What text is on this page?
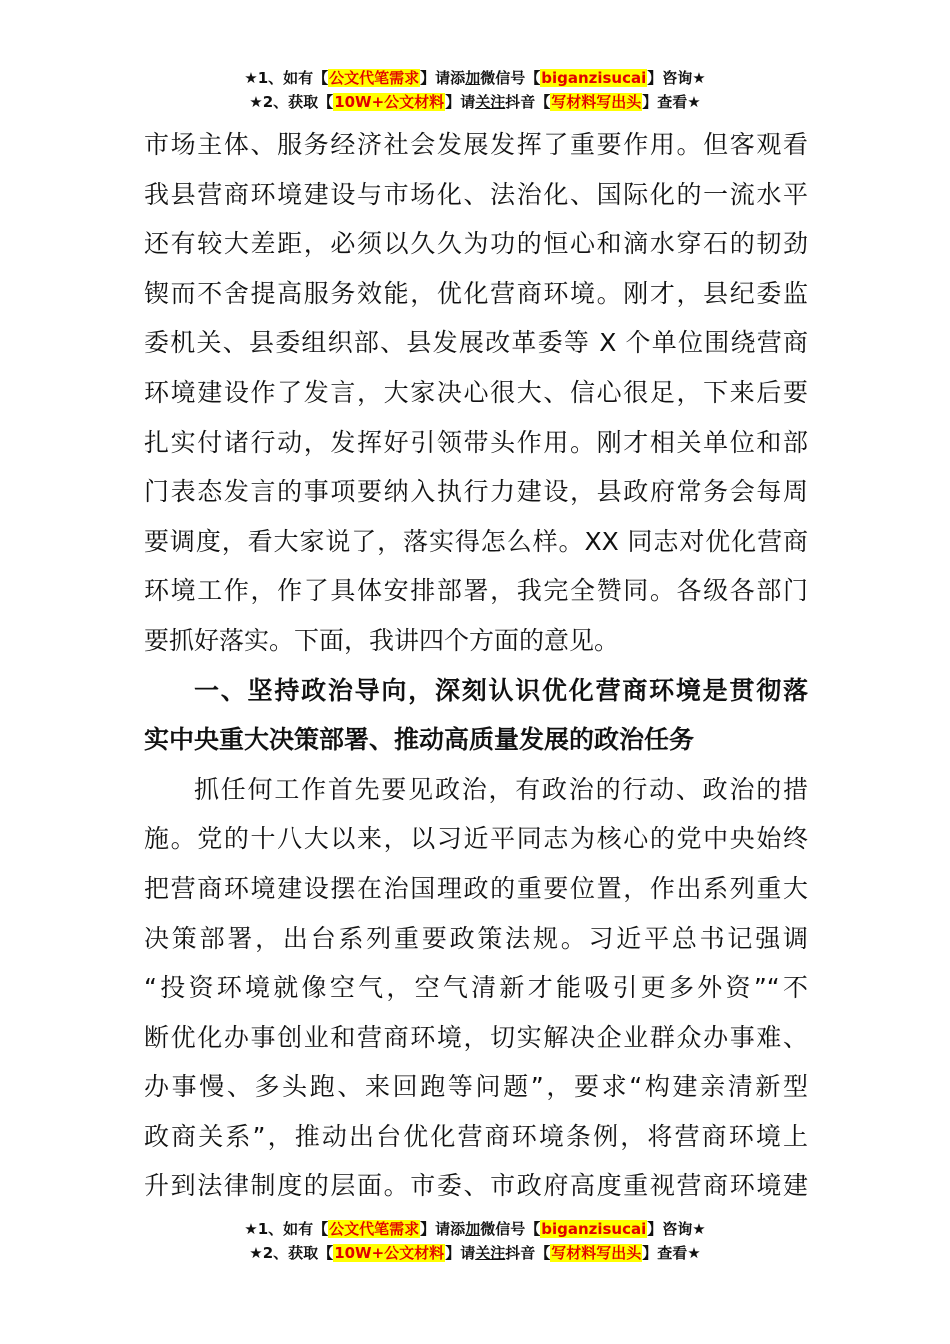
★1、如有【公文代笔需求】请添加微信号【biganzisucai】咨询★
★2、获取【10W+公文材料】请关注抖音【写材料写出头】查看★
市场主体、服务经济社会发展发挥了重要作用。但客观看
我县营商环境建设与市场化、法治化、国际化的一流水平
还有较大差距，必须以久久为功的恒心和滴水穿石的韧劲
锲而不舍提高服务效能，优化营商环境。刚才，县纪委监
委机关、县委组织部、县发展改革委等 X 个单位围绕营商
环境建设作了发言，大家决心很大、信心很足，下来后要
扎实付诸行动，发挥好引领带头作用。刚才相关单位和部
门表态发言的事项要纳入执行力建设，县政府常务会每周
要调度，看大家说了，落实得怎么样。XX 同志对优化营商
环境工作，作了具体安排部署，我完全赞同。各级各部门
要抓好落实。下面，我讲四个方面的意见。
一、坚持政治导向，深刻认识优化营商环境是贯彻落
实中央重大决策部署、推动高质量发展的政治任务
抓任何工作首先要见政治，有政治的行动、政治的措
施。党的十八大以来，以习近平同志为核心的党中央始终
把营商环境建设摆在治国理政的重要位置，作出系列重大
决策部署，出台系列重要政策法规。习近平总书记强调
“投资环境就像空气，空气清新才能吸引更多外资”“不
断优化办事创业和营商环境，切实解决企业群众办事难、
办事慢、多头跑、来回跑等问题”，要求“构建亲清新型
政商关系”，推动出台优化营商环境条例，将营商环境上
升到法律制度的层面。市委、市政府高度重视营商环境建
★1、如有【公文代笔需求】请添加微信号【biganzisucai】咨询★
★2、获取【10W+公文材料】请关注抖音【写材料写出头】查看★
